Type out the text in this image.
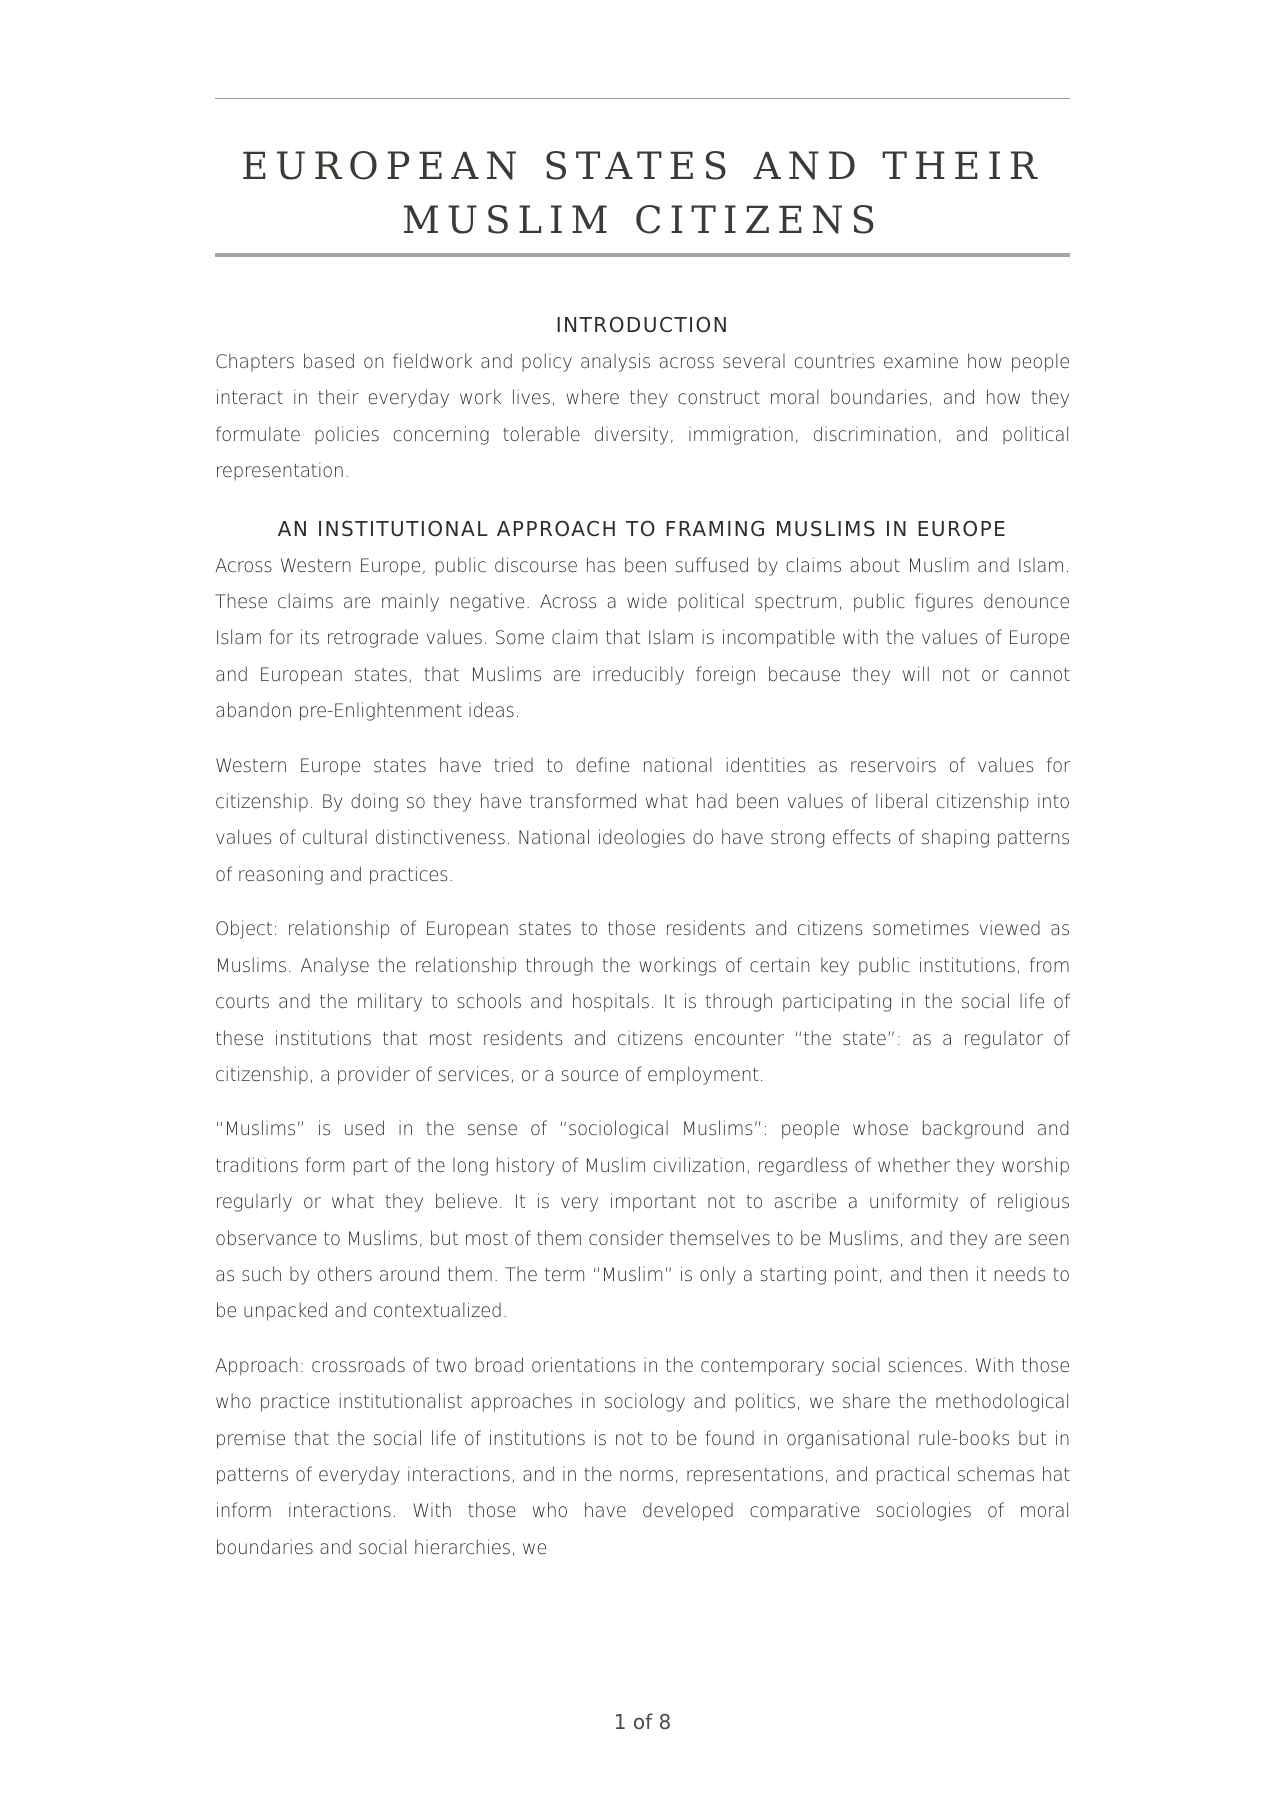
EUROPEAN STATES AND THEIR
MUSLIM CITIZENS
INTRODUCTION

Chapters based on fieldwork and policy analysis across several countries examine how people interact in their everyday work lives, where they construct moral boundaries, and how they formulate policies concerning tolerable diversity, immigration, discrimination, and political representation.

AN INSTITUTIONAL APPROACH TO FRAMING MUSLIMS IN EUROPE

Across Western Europe, public discourse has been suffused by claims about Muslim and Islam. These claims are mainly negative. Across a wide political spectrum, public figures denounce Islam for its retrograde values. Some claim that Islam is incompatible with the values of Europe and European states, that Muslims are irreducibly foreign because they will not or cannot abandon pre-Enlightenment ideas.

Western Europe states have tried to define national identities as reservoirs of values for citizenship. By doing so they have transformed what had been values of liberal citizenship into values of cultural distinctiveness. National ideologies do have strong effects of shaping patterns of reasoning and practices.

Object: relationship of European states to those residents and citizens sometimes viewed as Muslims. Analyse the relationship through the workings of certain key public institutions, from courts and the military to schools and hospitals. It is through participating in the social life of these institutions that most residents and citizens encounter “the state”: as a regulator of citizenship, a provider of services, or a source of employment.

“Muslims” is used in the sense of “sociological Muslims”: people whose background and traditions form part of the long history of Muslim civilization, regardless of whether they worship regularly or what they believe. It is very important not to ascribe a uniformity of religious observance to Muslims, but most of them consider themselves to be Muslims, and they are seen as such by others around them. The term “Muslim” is only a starting point, and then it needs to be unpacked and contextualized.

Approach: crossroads of two broad orientations in the contemporary social sciences. With those who practice institutionalist approaches in sociology and politics, we share the methodological premise that the social life of institutions is not to be found in organisational rule-books but in patterns of everyday interactions, and in the norms, representations, and practical schemas hat inform interactions. With those who have developed comparative sociologies of moral boundaries and social hierarchies, we

1 of 8
